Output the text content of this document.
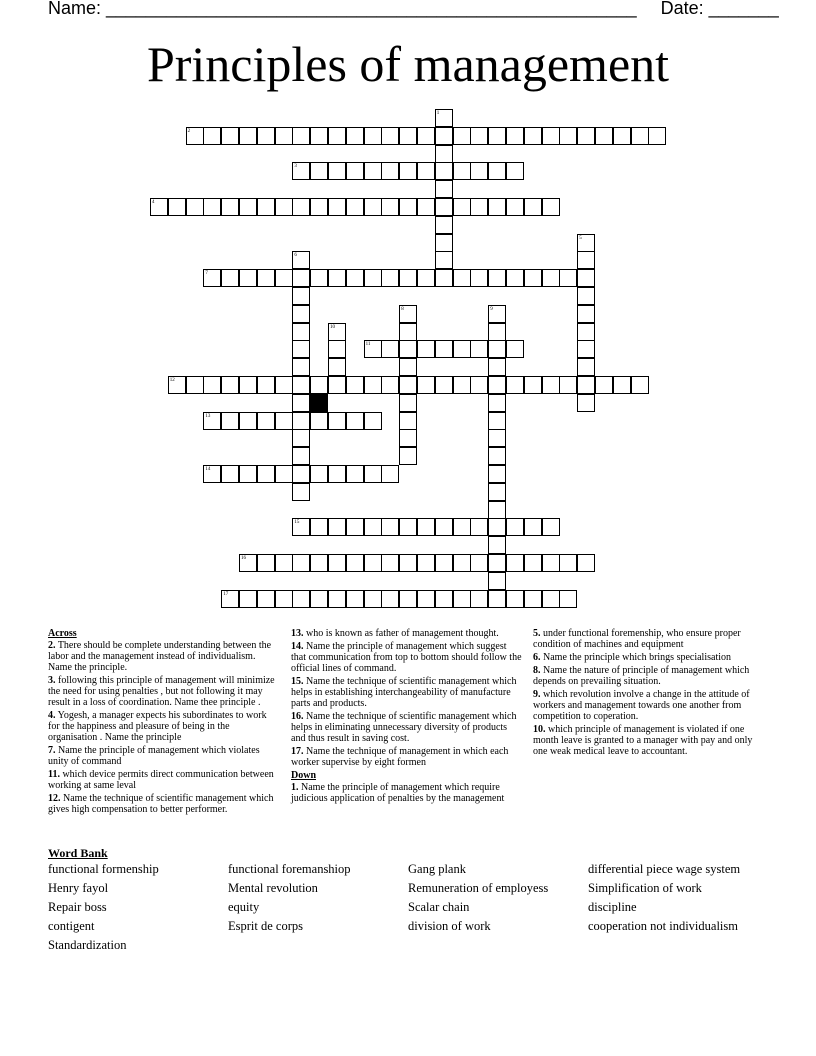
Name: _____________________________________________________ Date: _______
Principles of management
1
2
3
4
5
6
7
8	9
10
11
12
13
14
15
16
17

Across

2. There should be complete understanding between the labor and the management instead of individualism. Name the principle.

3. following this principle of management will minimize the need for using penalties , but not following it may result in a loss of coordination. Name thee principle .

4. Yogesh, a manager expects his subordinates to work for the happiness and pleasure of being in the organisation . Name the principle

7. Name the principle of management which violates unity of command

11. which device permits direct communication between working at same leval

12. Name the technique of scientific management which gives high compensation to better performer.

13. who is known as father of management thought.

14. Name the principle of management which suggest that communication from top to bottom should follow the official lines of command.

15. Name the technique of scientific management which helps in establishing interchangeability of manufacture parts and products.

16. Name the technique of scientific management which helps in eliminating unnecessary diversity of products and thus result in saving cost.

17. Name the technique of management in which each worker supervise by eight formen

Down

1. Name the principle of management which require judicious application of penalties by the management

5. under functional foremenship, who ensure proper condition of machines and equipment

6. Name the principle which brings specialisation

8. Name the nature of principle of management which depends on prevailing situation.

9. which revolution involve a change in the attitude of workers and management towards one another from competition to coperation.

10. which principle of management is violated if one month leave is granted to a manager with pay and only one weak medical leave to accountant.

Word Bank
functional formenship	functional foremanshiop	Gang plank	differential piece wage system
Henry fayol	Mental revolution	Remuneration of employess	Simplification of work
Repair boss	equity	Scalar chain	discipline
contigent	Esprit de corps	division of work	cooperation not individualism
Standardization
